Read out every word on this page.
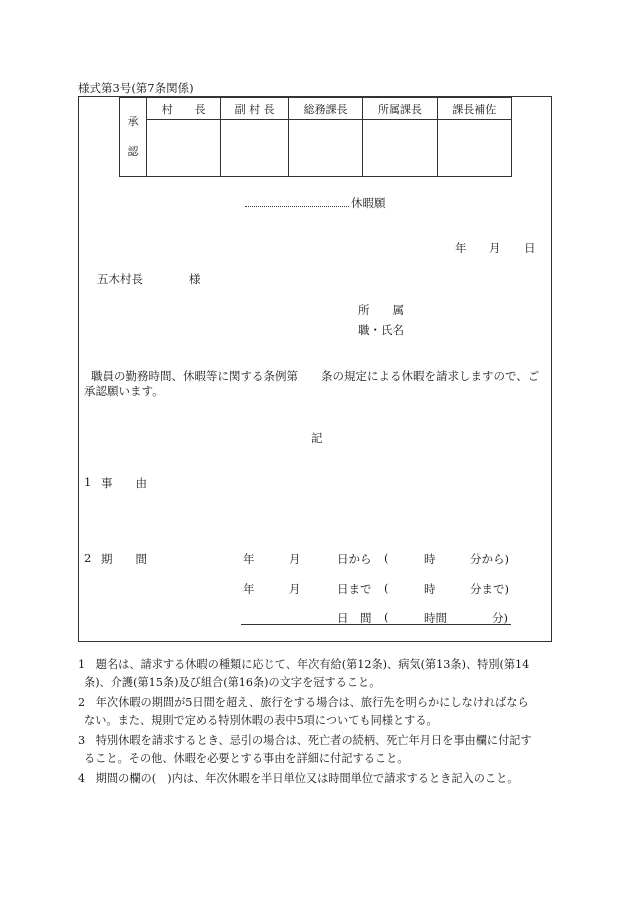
様式第3号(第7条関係)
承
認	村　　長	副 村 長	総務課長	所属課長	課長補佐

休暇願
年 月 日
五木村長	様
所　　属
職・氏名
職員の勤務時間、休暇等に関する条例第　　条の規定による休暇を請求しますので、ご
承認願います。
記
1 事　　由
2 期　　間	年	月	日から (	時	分から)
年	月	日まで (	時	分まで)
日　間 (	時間	分)
1 題名は、請求する休暇の種類に応じて、年次有給(第12条)、病気(第13条)、特別(第14
条)、介護(第15条)及び組合(第16条)の文字を冠すること。
2 年次休暇の期間が5日間を超え、旅行をする場合は、旅行先を明らかにしなければなら
ない。また、規則で定める特別休暇の表中5項についても同様とする。
3 特別休暇を請求するとき、忌引の場合は、死亡者の続柄、死亡年月日を事由欄に付記す
ること。その他、休暇を必要とする事由を詳細に付記すること。
4 期間の欄の(　)内は、年次休暇を半日単位又は時間単位で請求するとき記入のこと。
